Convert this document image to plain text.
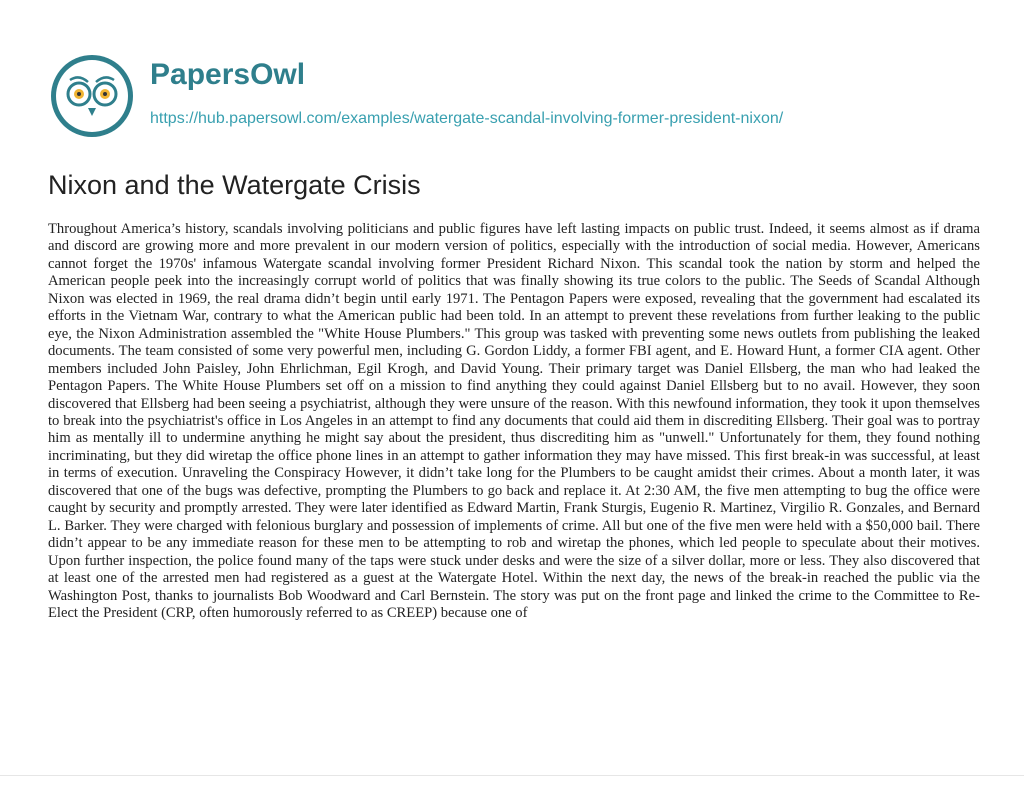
PapersOwl
https://hub.papersowl.com/examples/watergate-scandal-involving-former-president-nixon/
Nixon and the Watergate Crisis

Throughout America’s history, scandals involving politicians and public figures have left lasting impacts on public trust. Indeed, it seems almost as if drama and discord are growing more and more prevalent in our modern version of politics, especially with the introduction of social media. However, Americans cannot forget the 1970s' infamous Watergate scandal involving former President Richard Nixon. This scandal took the nation by storm and helped the American people peek into the increasingly corrupt world of politics that was finally showing its true colors to the public. The Seeds of Scandal Although Nixon was elected in 1969, the real drama didn’t begin until early 1971. The Pentagon Papers were exposed, revealing that the government had escalated its efforts in the Vietnam War, contrary to what the American public had been told. In an attempt to prevent these revelations from further leaking to the public eye, the Nixon Administration assembled the "White House Plumbers." This group was tasked with preventing some news outlets from publishing the leaked documents. The team consisted of some very powerful men, including G. Gordon Liddy, a former FBI agent, and E. Howard Hunt, a former CIA agent. Other members included John Paisley, John Ehrlichman, Egil Krogh, and David Young. Their primary target was Daniel Ellsberg, the man who had leaked the Pentagon Papers. The White House Plumbers set off on a mission to find anything they could against Daniel Ellsberg but to no avail. However, they soon discovered that Ellsberg had been seeing a psychiatrist, although they were unsure of the reason. With this newfound information, they took it upon themselves to break into the psychiatrist's office in Los Angeles in an attempt to find any documents that could aid them in discrediting Ellsberg. Their goal was to portray him as mentally ill to undermine anything he might say about the president, thus discrediting him as "unwell." Unfortunately for them, they found nothing incriminating, but they did wiretap the office phone lines in an attempt to gather information they may have missed. This first break-in was successful, at least in terms of execution. Unraveling the Conspiracy However, it didn’t take long for the Plumbers to be caught amidst their crimes. About a month later, it was discovered that one of the bugs was defective, prompting the Plumbers to go back and replace it. At 2:30 AM, the five men attempting to bug the office were caught by security and promptly arrested. They were later identified as Edward Martin, Frank Sturgis, Eugenio R. Martinez, Virgilio R. Gonzales, and Bernard L. Barker. They were charged with felonious burglary and possession of implements of crime. All but one of the five men were held with a $50,000 bail. There didn’t appear to be any immediate reason for these men to be attempting to rob and wiretap the phones, which led people to speculate about their motives. Upon further inspection, the police found many of the taps were stuck under desks and were the size of a silver dollar, more or less. They also discovered that at least one of the arrested men had registered as a guest at the Watergate Hotel. Within the next day, the news of the break-in reached the public via the Washington Post, thanks to journalists Bob Woodward and Carl Bernstein. The story was put on the front page and linked the crime to the Committee to Re-Elect the President (CRP, often humorously referred to as CREEP) because one of
